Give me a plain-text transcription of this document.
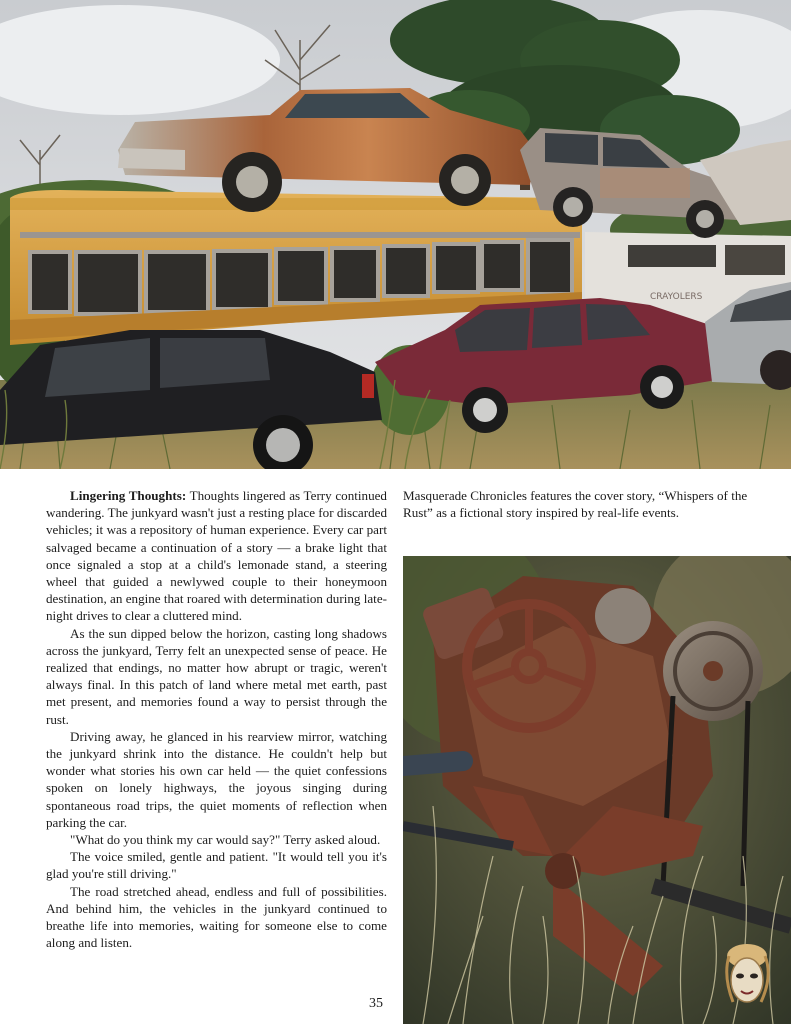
CRAYOLERS

Lingering Thoughts: Thoughts lingered as Terry continued wandering. The junkyard wasn't just a resting place for discarded vehicles; it was a repository of human experience. Every car part salvaged became a continuation of a story — a brake light that once signaled a stop at a child's lemonade stand, a steering wheel that guided a newlywed couple to their honeymoon destination, an engine that roared with determination during late-night drives to clear a cluttered mind.

As the sun dipped below the horizon, casting long shadows across the junkyard, Terry felt an unexpected sense of peace. He realized that endings, no matter how abrupt or tragic, weren't always final. In this patch of land where metal met earth, past met present, and memories found a way to persist through the rust.

Driving away, he glanced in his rearview mirror, watching the junkyard shrink into the distance. He couldn't help but wonder what stories his own car held — the quiet confessions spoken on lonely highways, the joyous singing during spontaneous road trips, the quiet moments of reflection when parking the car.

"What do you think my car would say?" Terry asked aloud.

The voice smiled, gentle and patient. "It would tell you it's glad you're still driving."

The road stretched ahead, endless and full of possibilities. And behind him, the vehicles in the junkyard continued to breathe life into memories, waiting for someone else to come along and listen.

Masquerade Chronicles features the cover story, “Whispers of the Rust” as a fictional story inspired by real-life events.

35
